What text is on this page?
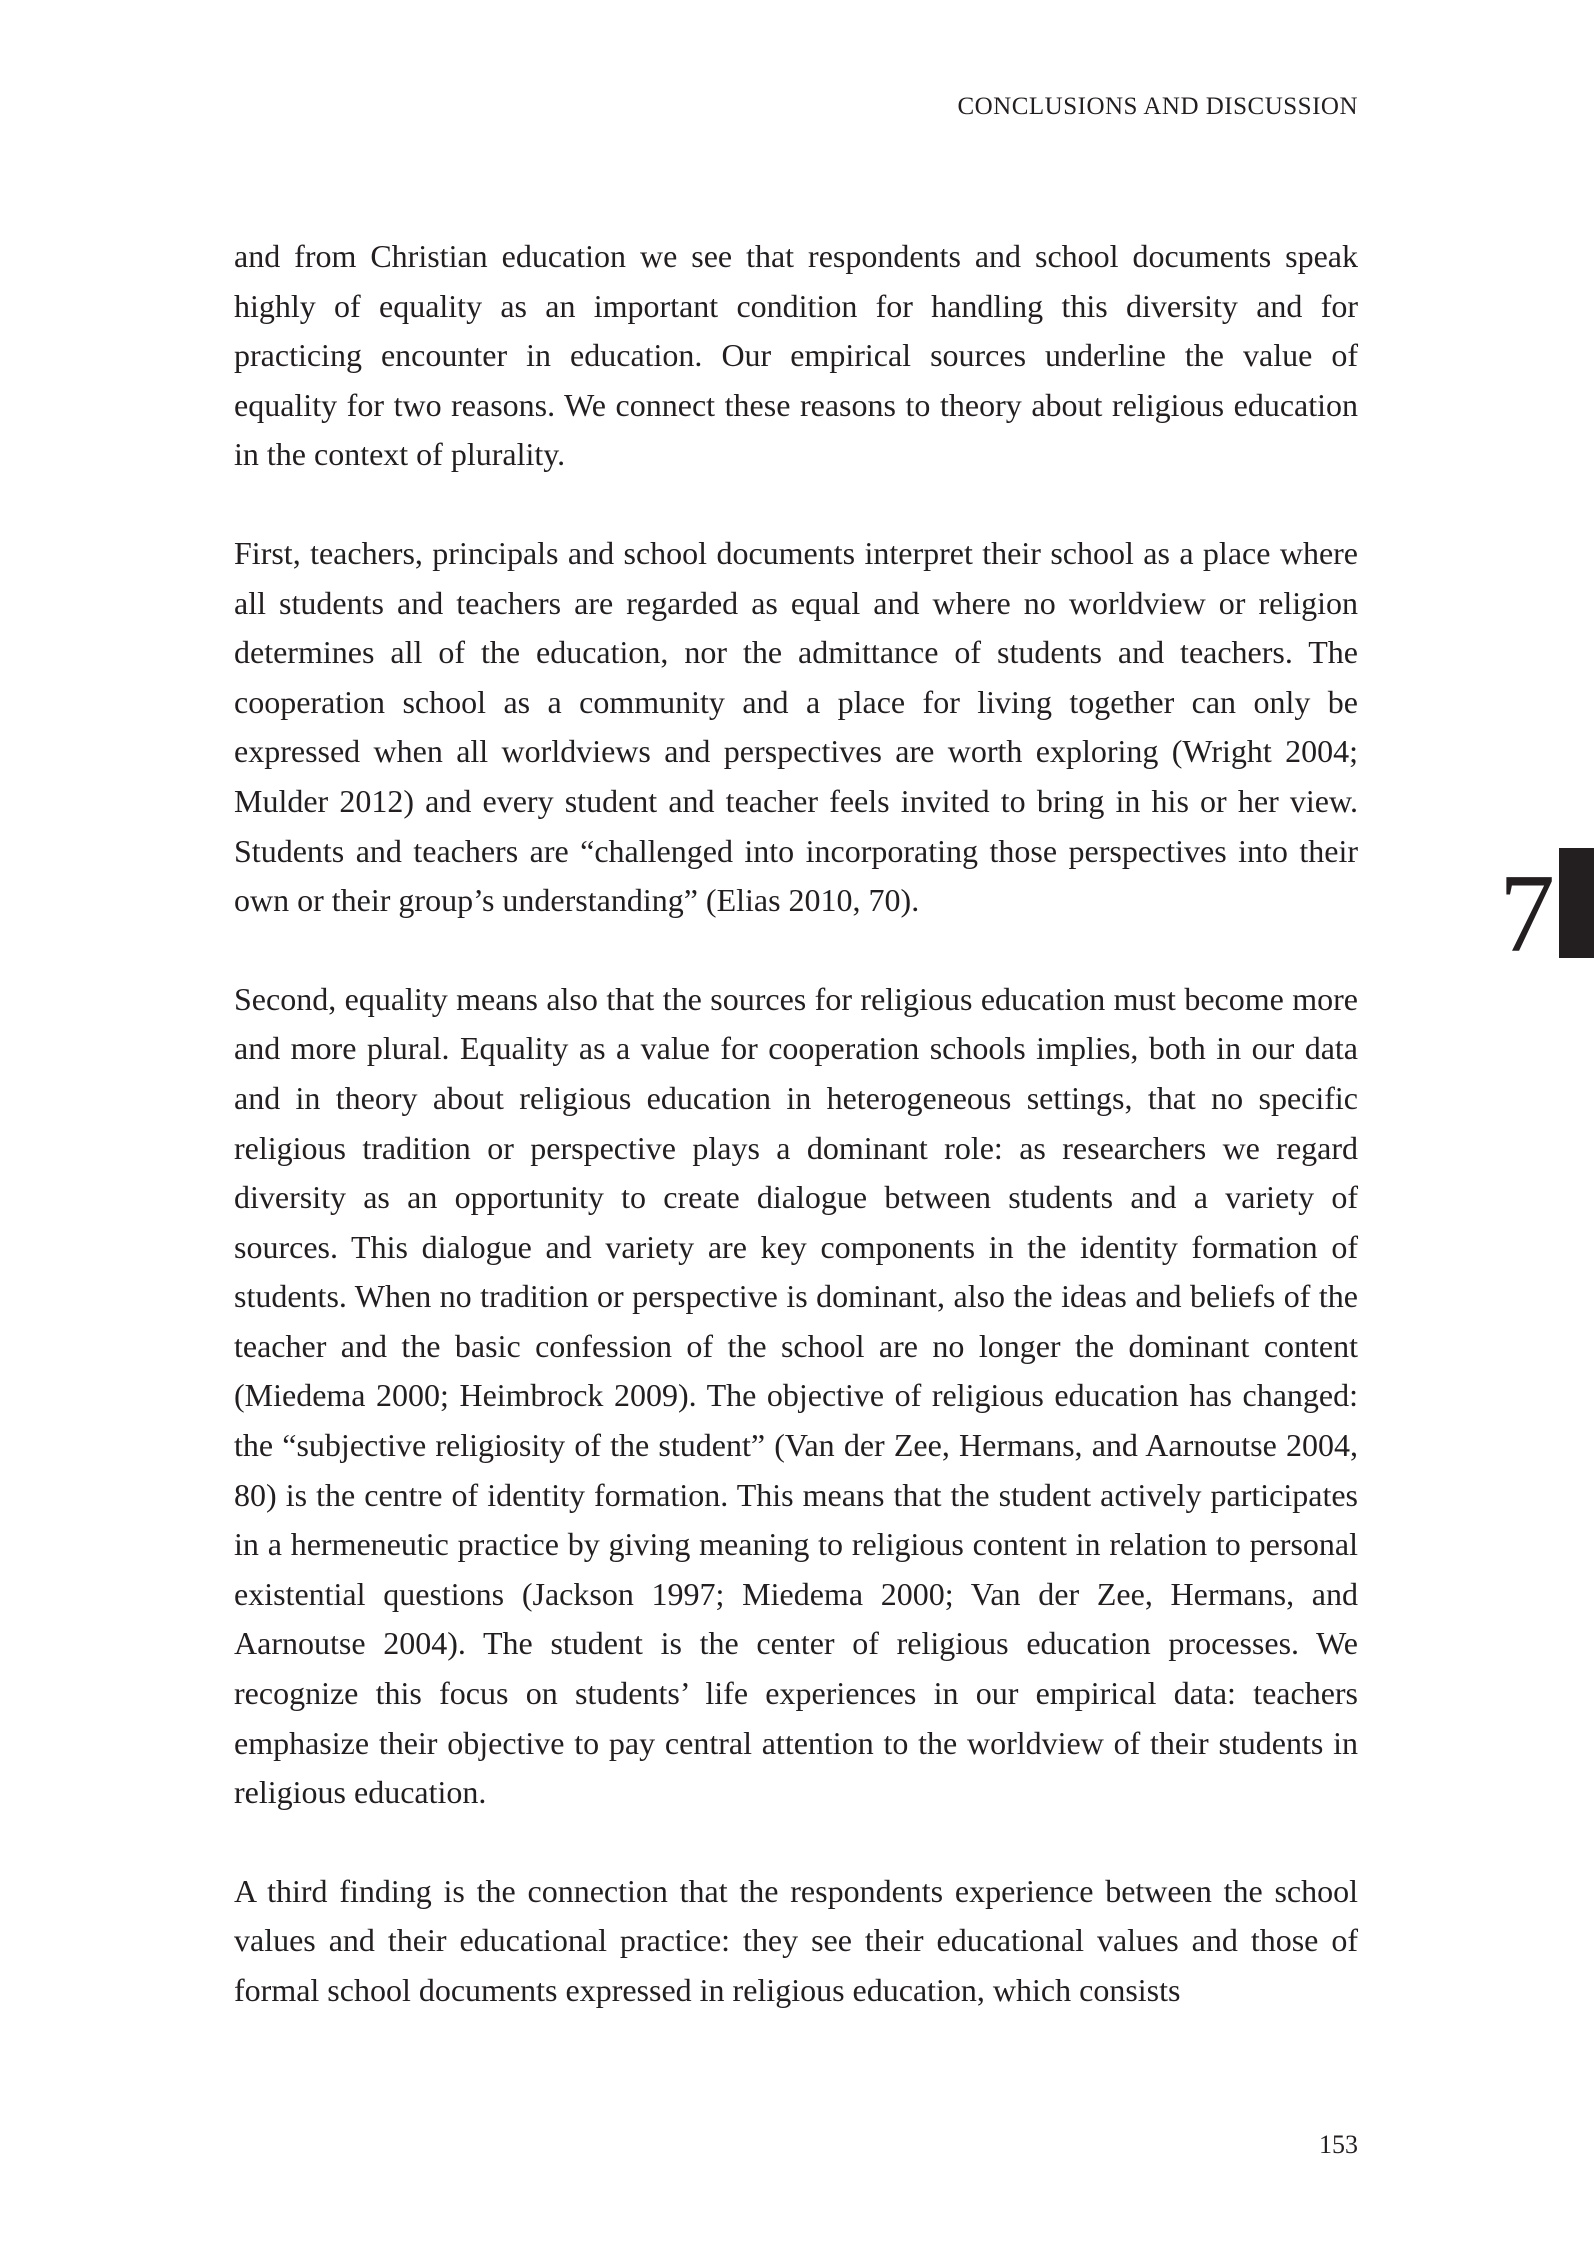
CONCLUSIONS AND DISCUSSION

and from Christian education we see that respondents and school documents speak highly of equality as an important condition for handling this diversity and for practicing encounter in education. Our empirical sources underline the value of equality for two reasons. We connect these reasons to theory about religious education in the context of plurality.

First, teachers, principals and school documents interpret their school as a place where all students and teachers are regarded as equal and where no worldview or religion determines all of the education, nor the admittance of students and teachers. The cooperation school as a community and a place for living together can only be expressed when all worldviews and perspectives are worth exploring (Wright 2004; Mulder 2012) and every student and teacher feels invited to bring in his or her view. Students and teachers are “challenged into incorporating those perspectives into their own or their group’s understanding” (Elias 2010, 70).

Second, equality means also that the sources for religious education must become more and more plural. Equality as a value for cooperation schools implies, both in our data and in theory about religious education in heterogeneous settings, that no specific religious tradition or perspective plays a dominant role: as researchers we regard diversity as an opportunity to create dialogue between students and a variety of sources. This dialogue and variety are key components in the identity formation of students. When no tradition or perspective is dominant, also the ideas and beliefs of the teacher and the basic confession of the school are no longer the dominant content (Miedema 2000; Heimbrock 2009). The objective of religious education has changed: the “subjective religiosity of the student” (Van der Zee, Hermans, and Aarnoutse 2004, 80) is the centre of identity formation. This means that the student actively participates in a hermeneutic practice by giving meaning to religious content in relation to personal existential questions (Jackson 1997; Miedema 2000; Van der Zee, Hermans, and Aarnoutse 2004). The student is the center of religious education processes. We recognize this focus on students’ life experiences in our empirical data: teachers emphasize their objective to pay central attention to the worldview of their students in religious education.

A third finding is the connection that the respondents experience between the school values and their educational practice: they see their educational values and those of formal school documents expressed in religious education, which consists

7
153
